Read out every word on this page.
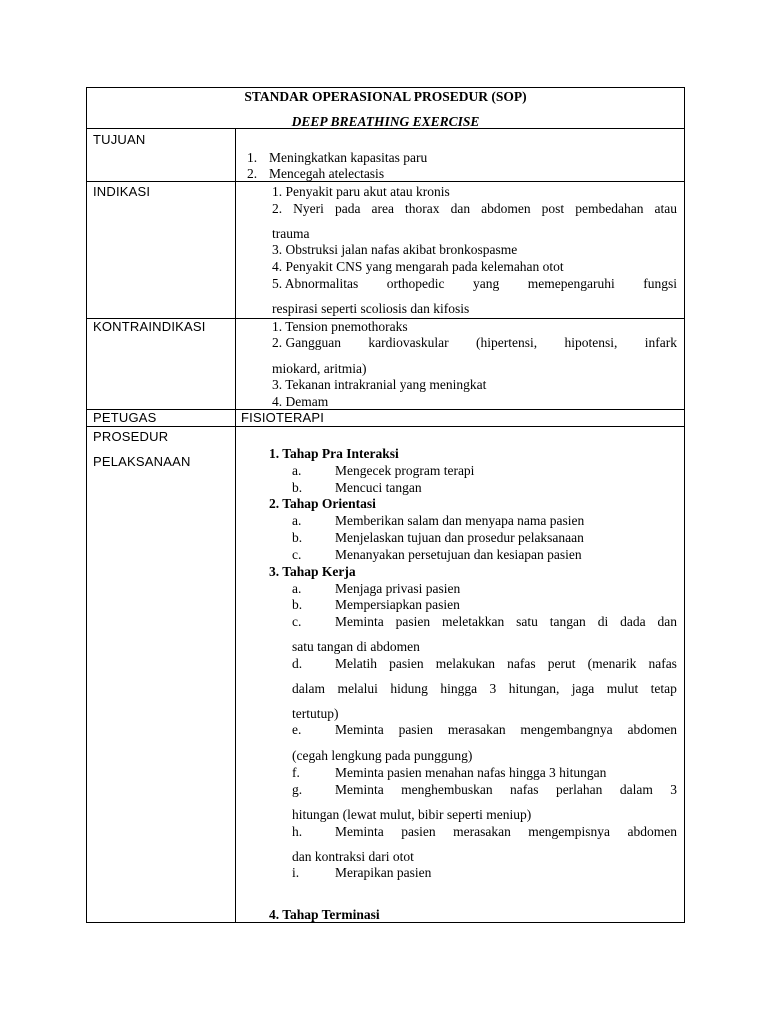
STANDAR OPERASIONAL PROSEDUR (SOP)
DEEP BREATHING EXERCISE
TUJUAN
1. Meningkatkan kapasitas paru
2. Mencegah atelectasis
INDIKASI	1. Penyakit paru akut atau kronis
2. Nyeri pada area thorax dan abdomen post pembedahan atau
trauma
3. Obstruksi jalan nafas akibat bronkospasme
4. Penyakit CNS yang mengarah pada kelemahan otot
5. Abnormalitas orthopedic yang memepengaruhi fungsi
respirasi seperti scoliosis dan kifosis
KONTRAINDIKASI	1. Tension pnemothoraks
2. Gangguan kardiovaskular (hipertensi, hipotensi, infark
miokard, aritmia)
3. Tekanan intrakranial yang meningkat
4. Demam
PETUGAS	FISIOTERAPI
PROSEDUR
PELAKSANAAN
1. Tahap Pra Interaksi
a. Mengecek program terapi
b. Mencuci tangan
2. Tahap Orientasi
a. Memberikan salam dan menyapa nama pasien
b. Menjelaskan tujuan dan prosedur pelaksanaan
c. Menanyakan persetujuan dan kesiapan pasien
3. Tahap Kerja
a. Menjaga privasi pasien
b. Mempersiapkan pasien
c. Meminta pasien meletakkan satu tangan di dada dan
satu tangan di abdomen
d. Melatih pasien melakukan nafas perut (menarik nafas
dalam melalui hidung hingga 3 hitungan, jaga mulut tetap
tertutup)
e. Meminta pasien merasakan mengembangnya abdomen
(cegah lengkung pada punggung)
f.	Meminta pasien menahan nafas hingga 3 hitungan
g. Meminta menghembuskan nafas perlahan dalam 3
hitungan (lewat mulut, bibir seperti meniup)
h. Meminta pasien merasakan mengempisnya abdomen
dan kontraksi dari otot
i.	Merapikan pasien
4. Tahap Terminasi
